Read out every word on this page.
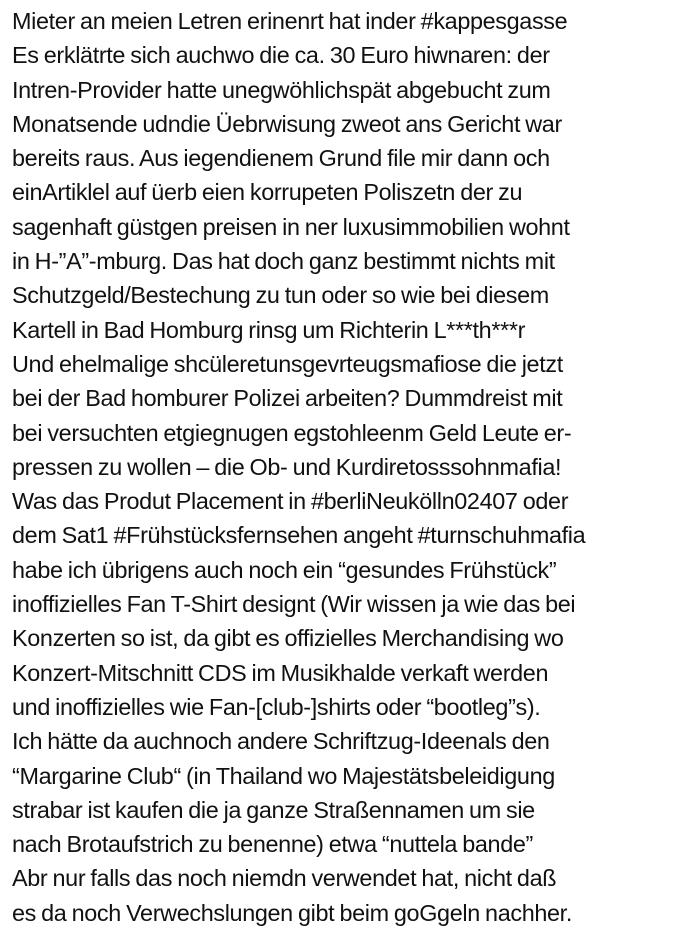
Mieter an meien Letren erinenrt hat inder #kappesgasse
Es erklätrte sich auchwo die ca. 30 Euro hiwnaren: der
Intren-Provider hatte unegwöhlichspät abgebucht zum
Monatsende udndie Üebrwisung zweot ans Gericht war
bereits raus. Aus iegendienem Grund file mir dann och
einArtiklel auf üerb eien korrupeten Poliszetn der zu
sagenhaft güstgen preisen in ner luxusimmobilien wohnt
in H-”A”-mburg. Das hat doch ganz bestimmt nichts mit
Schutzgeld/Bestechung zu tun oder so wie bei diesem
Kartell in Bad Homburg rinsg um Richterin L***th***r
Und ehelmalige shcüleretunsgevrteugsmafiose die jetzt
bei der Bad homburer Polizei arbeiten? Dummdreist mit
bei versuchten etgiegnugen egstohleenm Geld Leute er-
pressen zu wollen – die Ob- und Kurdiretosssohnmafia!
Was das Produt Placement in #berliNeukölln02407 oder
dem Sat1 #Frühstücksfernsehen angeht #turnschuhmafia
habe ich übrigens auch noch ein “gesundes Frühstück”
inoffizielles Fan T-Shirt designt (Wir wissen ja wie das bei
Konzerten so ist, da gibt es offizielles Merchandising wo
Konzert-Mitschnitt CDS im Musikhalde verkaft werden
und inoffizielles wie Fan-[club-]shirts oder “bootleg”s).
Ich hätte da auchnoch andere Schriftzug-Ideenals den
“Margarine Club“ (in Thailand wo Majestätsbeleidigung
strabar ist kaufen die ja ganze Straßennamen um sie
nach Brotaufstrich zu benenne) etwa “nuttela bande”
Abr nur falls das noch niemdn verwendet hat, nicht daß
es da noch Verwechslungen gibt beim goGgeln nachher.
